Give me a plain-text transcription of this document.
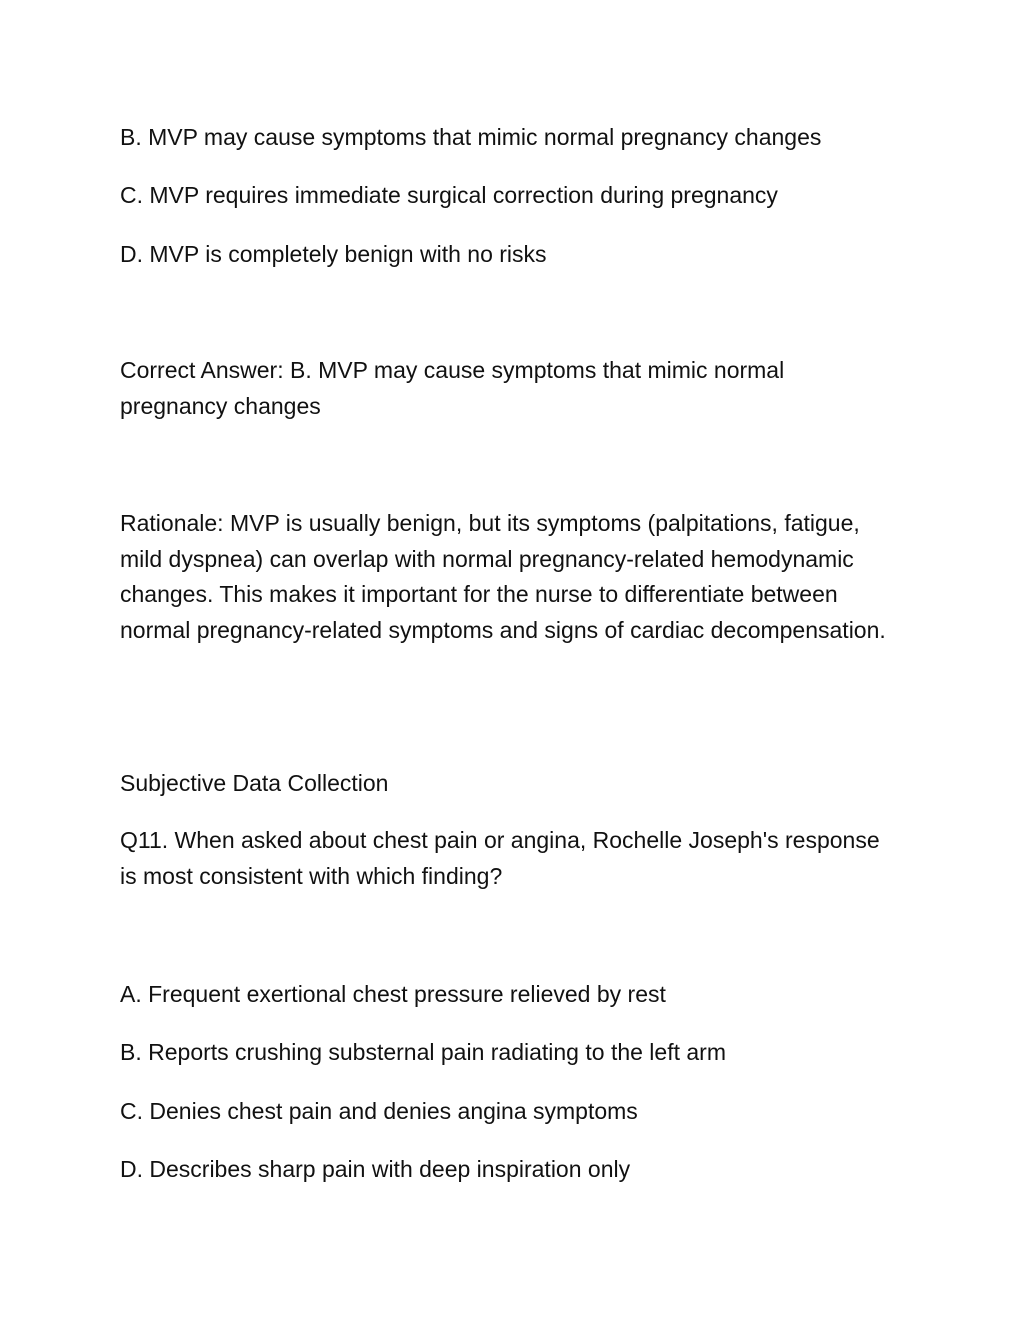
B. MVP may cause symptoms that mimic normal pregnancy changes

C. MVP requires immediate surgical correction during pregnancy

D. MVP is completely benign with no risks

Correct Answer: B. MVP may cause symptoms that mimic normal pregnancy changes

Rationale: MVP is usually benign, but its symptoms (palpitations, fatigue, mild dyspnea) can overlap with normal pregnancy-related hemodynamic changes. This makes it important for the nurse to differentiate between normal pregnancy-related symptoms and signs of cardiac decompensation.

Subjective Data Collection

Q11. When asked about chest pain or angina, Rochelle Joseph's response is most consistent with which finding?

A. Frequent exertional chest pressure relieved by rest

B. Reports crushing substernal pain radiating to the left arm

C. Denies chest pain and denies angina symptoms

D. Describes sharp pain with deep inspiration only
